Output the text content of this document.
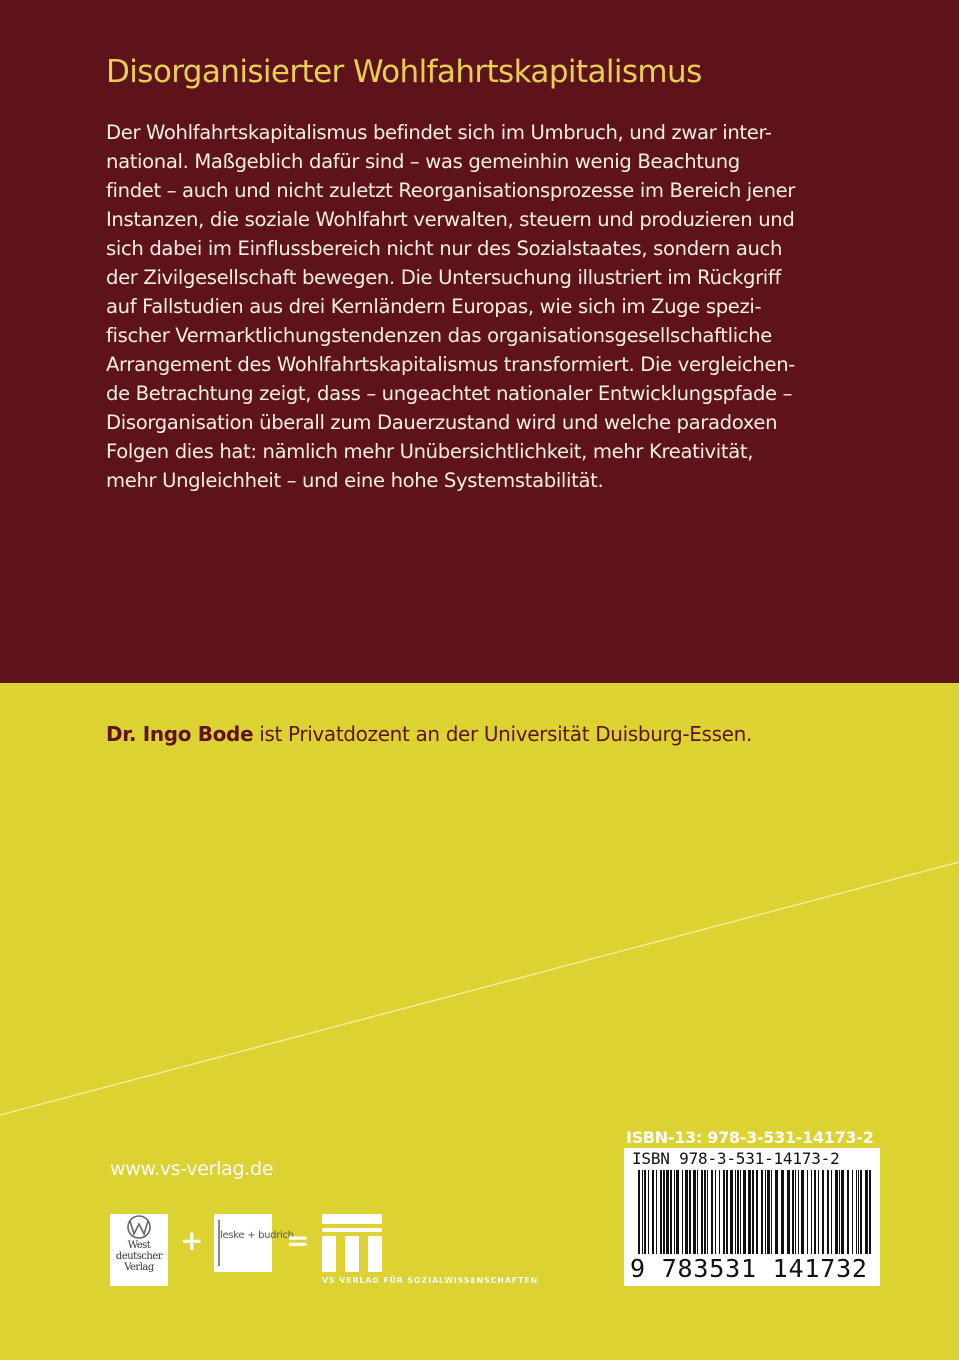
Disorganisierter Wohlfahrtskapitalismus
Der Wohlfahrtskapitalismus befindet sich im Umbruch, und zwar inter-
national. Maßgeblich dafür sind – was gemeinhin wenig Beachtung
findet – auch und nicht zuletzt Reorganisationsprozesse im Bereich jener
Instanzen, die soziale Wohlfahrt verwalten, steuern und produzieren und
sich dabei im Einflussbereich nicht nur des Sozialstaates, sondern auch
der Zivilgesellschaft bewegen. Die Untersuchung illustriert im Rückgriff
auf Fallstudien aus drei Kernländern Europas, wie sich im Zuge spezi-
fischer Vermarktlichungstendenzen das organisationsgesellschaftliche
Arrangement des Wohlfahrtskapitalismus transformiert. Die vergleichen-
de Betrachtung zeigt, dass – ungeachtet nationaler Entwicklungspfade –
Disorganisation überall zum Dauerzustand wird und welche paradoxen
Folgen dies hat: nämlich mehr Unübersichtlichkeit, mehr Kreativität,
mehr Ungleichheit – und eine hohe Systemstabilität.
Dr. Ingo Bode ist Privatdozent an der Universität Duisburg-Essen.
ISBN-13: 978-3-531-14173-2
ISBN 978-3-531-14173-2
9 783531 141732
www.vs-verlag.de
West deutscher Verlag
+ leske + budrich
=
VS VERLAG FÜR SOZIALWISSENSCHAFTEN
